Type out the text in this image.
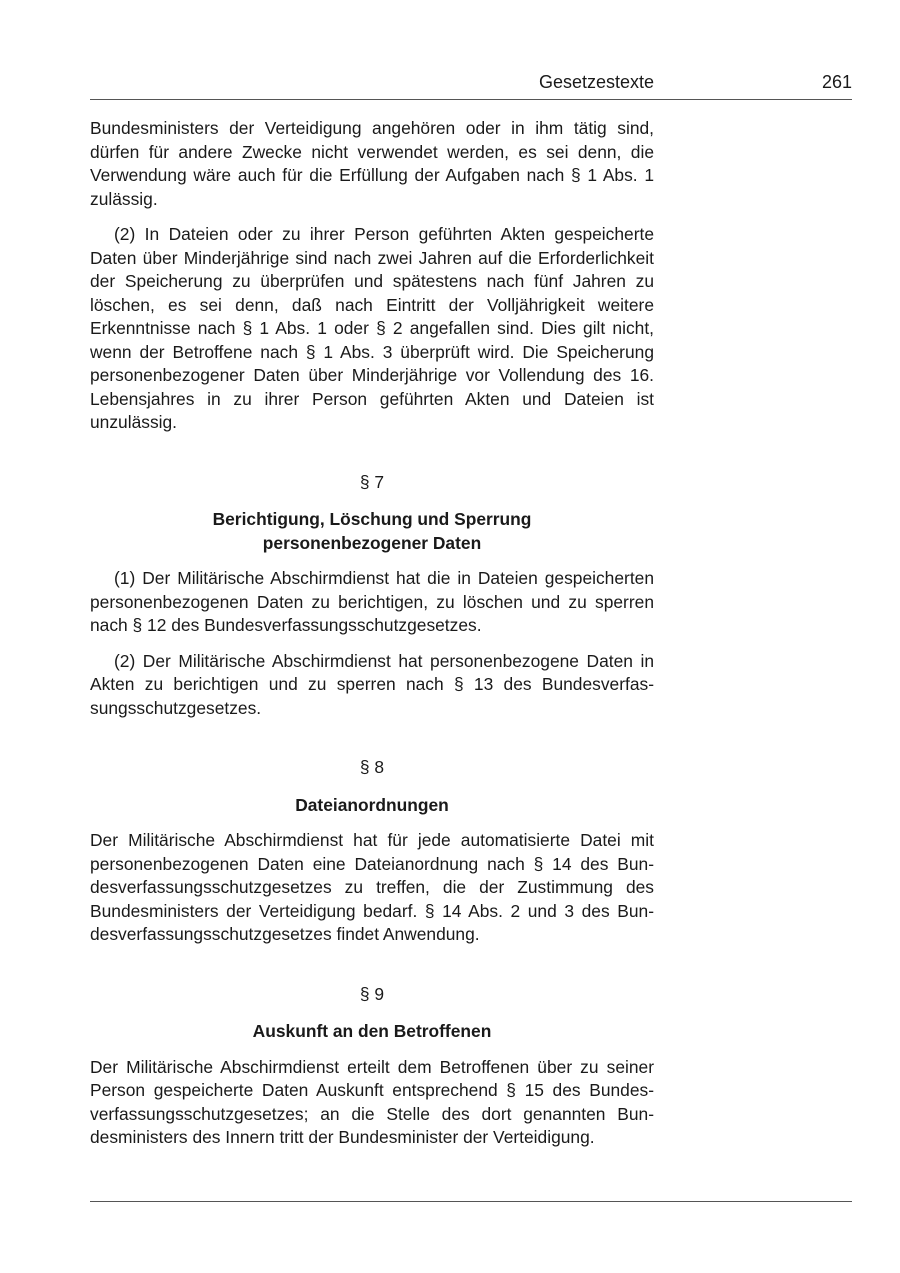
Gesetzestexte	261

Bundesministers der Verteidigung angehören oder in ihm tätig sind, dürfen für andere Zwecke nicht verwendet werden, es sei denn, die Verwendung wäre auch für die Erfüllung der Aufgaben nach § 1 Abs. 1 zulässig.

(2) In Dateien oder zu ihrer Person geführten Akten gespeicherte Daten über Minderjährige sind nach zwei Jahren auf die Erforderlichkeit der Speicherung zu überprüfen und spätestens nach fünf Jahren zu löschen, es sei denn, daß nach Eintritt der Volljährigkeit weitere Erkenntnisse nach § 1 Abs. 1 oder § 2 angefallen sind. Dies gilt nicht, wenn der Betroffene nach § 1 Abs. 3 überprüft wird. Die Speicherung personenbezogener Daten über Minderjährige vor Vollendung des 16. Lebensjahres in zu ihrer Person geführten Akten und Dateien ist unzulässig.

§ 7
Berichtigung, Löschung und Sperrung
personenbezogener Daten

(1) Der Militärische Abschirmdienst hat die in Dateien gespeicherten personenbezogenen Daten zu berichtigen, zu löschen und zu sperren nach § 12 des Bundesverfassungsschutzgesetzes.

(2) Der Militärische Abschirmdienst hat personenbezogene Daten in Akten zu berichtigen und zu sperren nach § 13 des Bundesverfassungsschutzgesetzes.

§ 8
Dateianordnungen

Der Militärische Abschirmdienst hat für jede automatisierte Datei mit personenbezogenen Daten eine Dateianordnung nach § 14 des Bundesverfassungsschutzgesetzes zu treffen, die der Zustimmung des Bundesministers der Verteidigung bedarf. § 14 Abs. 2 und 3 des Bundesverfassungsschutzgesetzes findet Anwendung.

§ 9
Auskunft an den Betroffenen

Der Militärische Abschirmdienst erteilt dem Betroffenen über zu seiner Person gespeicherte Daten Auskunft entsprechend § 15 des Bundesverfassungsschutzgesetzes; an die Stelle des dort genannten Bundesministers des Innern tritt der Bundesminister der Verteidigung.
